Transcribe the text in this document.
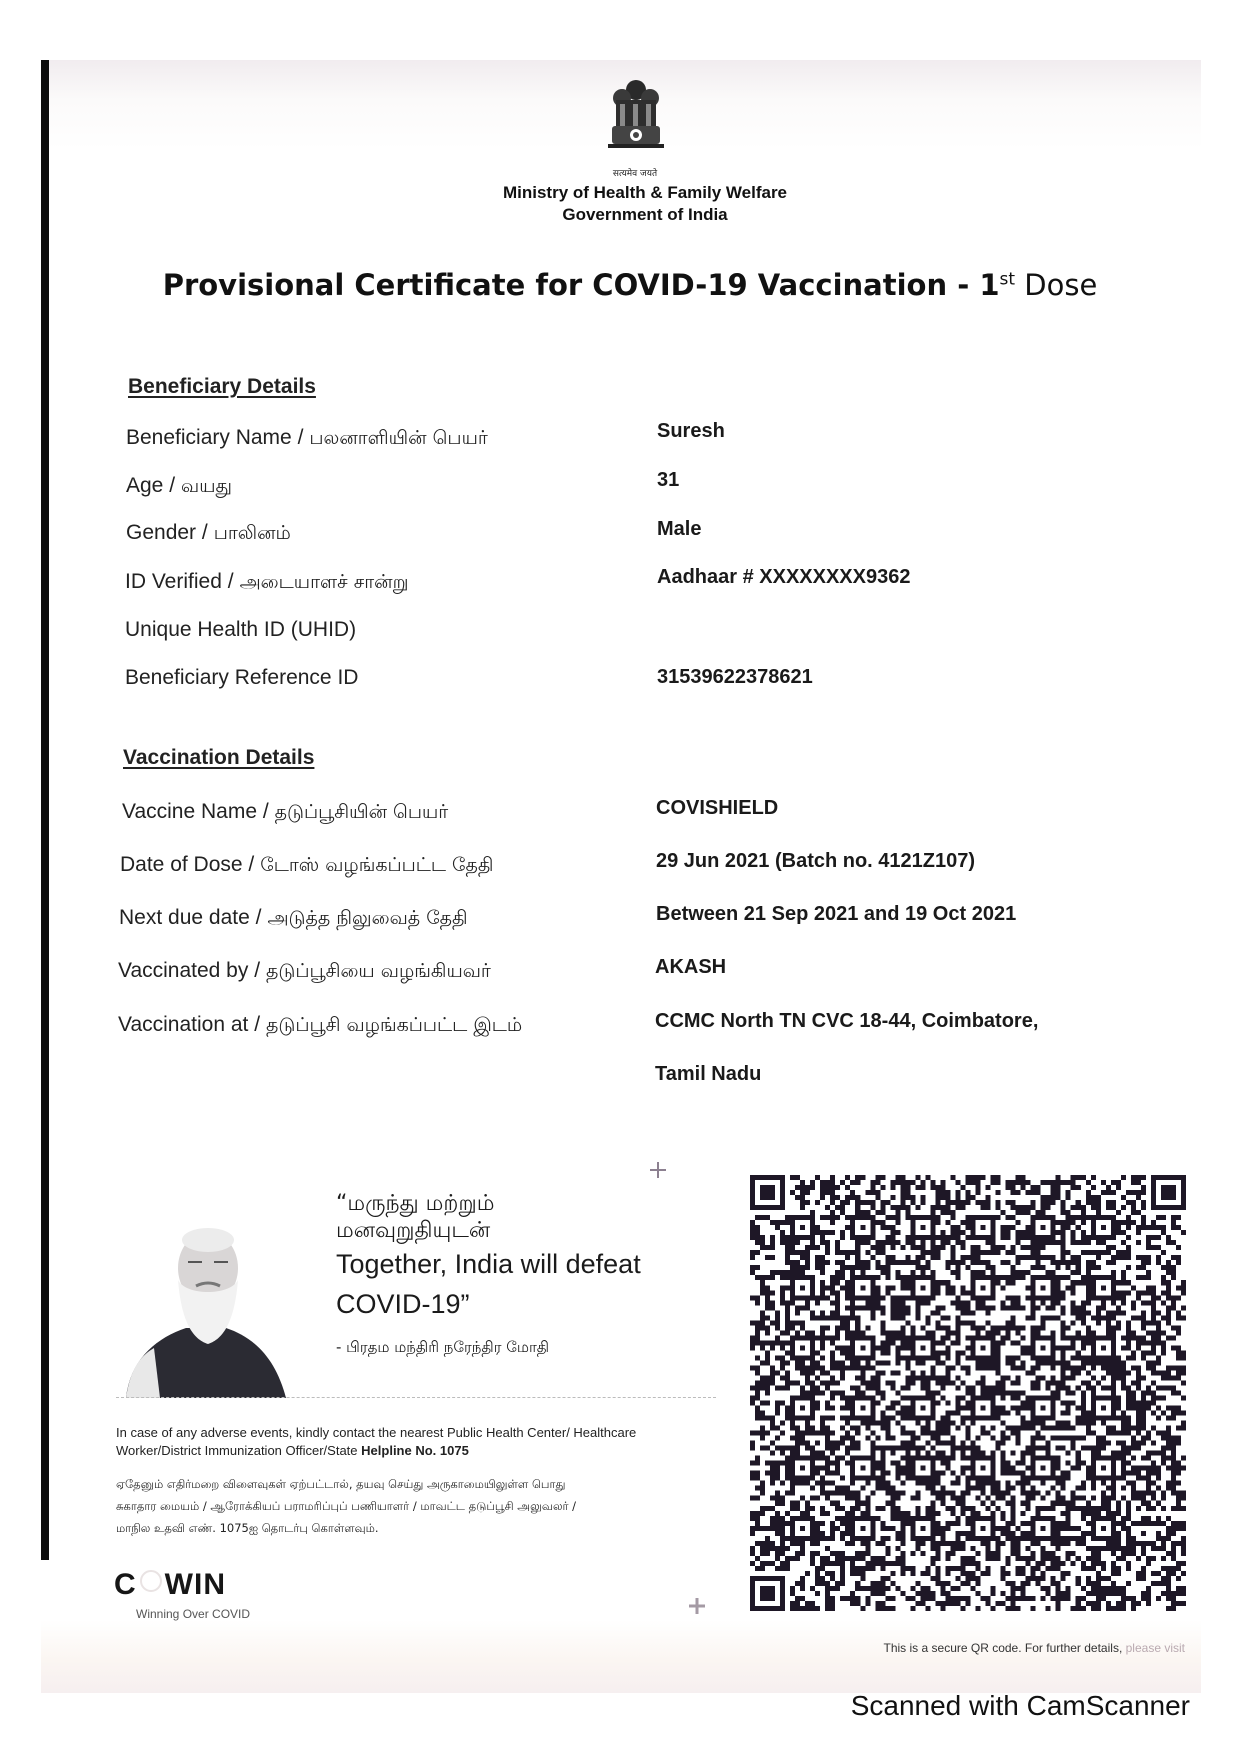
सत्यमेव जयते
Ministry of Health & Family Welfare
Government of India
Provisional Certificate for COVID-19 Vaccination - 1st Dose
Beneficiary Details
Beneficiary Name / பலனாளியின் பெயர்	Suresh
Age / வயது	31
Gender / பாலினம்	Male
ID Verified / அடையாளச் சான்று	Aadhaar # XXXXXXXX9362
Unique Health ID (UHID)
Beneficiary Reference ID	31539622378621
Vaccination Details
Vaccine Name / தடுப்பூசியின் பெயர்	COVISHIELD
Date of Dose / டோஸ் வழங்கப்பட்ட தேதி	29 Jun 2021 (Batch no. 4121Z107)
Next due date / அடுத்த நிலுவைத் தேதி	Between 21 Sep 2021 and 19 Oct 2021
Vaccinated by / தடுப்பூசியை வழங்கியவர்	AKASH
Vaccination at / தடுப்பூசி வழங்கப்பட்ட இடம்	CCMC North TN CVC 18-44, Coimbatore,
Tamil Nadu
“மருந்து மற்றும்
மனவுறுதியுடன்
Together, India will defeat
COVID-19”
- பிரதம மந்திரி நரேந்திர மோதி
In case of any adverse events, kindly contact the nearest Public Health Center/ Healthcare Worker/District Immunization Officer/State Helpline No. 1075
ஏதேனும் எதிர்மறை விளைவுகள் ஏற்பட்டால், தயவு செய்து அருகாமையிலுள்ள பொது
சுகாதார மையம் / ஆரோக்கியப் பராமரிப்புப் பணியாளர் / மாவட்ட தடுப்பூசி அலுவலர் /
மாநில உதவி எண். 1075ஐ தொடர்பு கொள்ளவும்.
C WIN
Winning Over COVID
This is a secure QR code. For further details, please visit
Scanned with CamScanner
